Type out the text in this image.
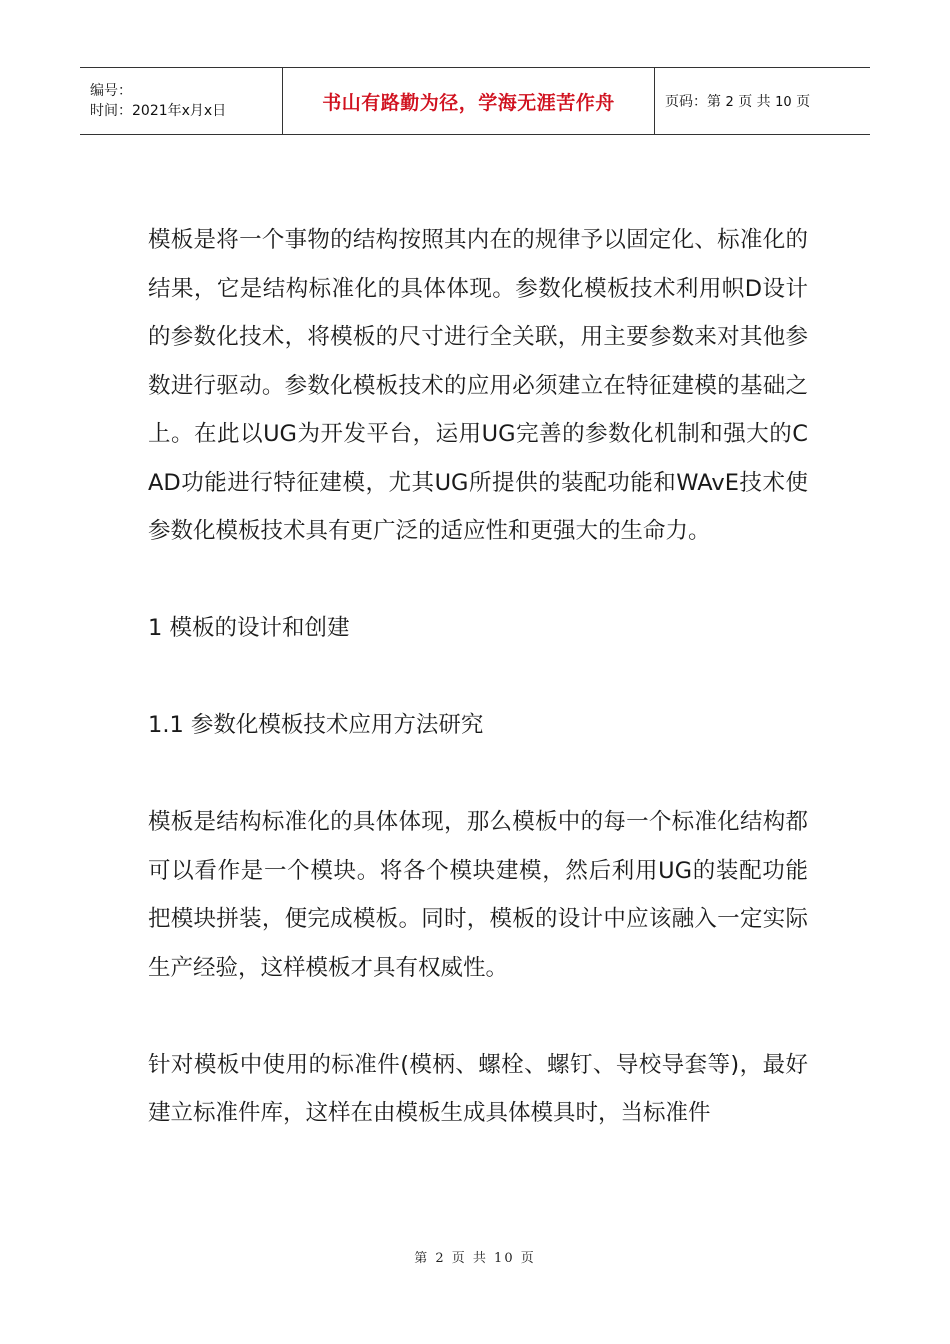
编号：
时间：2021年x月x日	书山有路勤为径，学海无涯苦作舟	页码：第 2 页 共 10 页

模板是将一个事物的结构按照其内在的规律予以固定化、标准化的结果，它是结构标准化的具体体现。参数化模板技术利用帜D设计的参数化技术，将模板的尺寸进行全关联，用主要参数来对其他参数进行驱动。参数化模板技术的应用必须建立在特征建模的基础之上。在此以UG为开发平台，运用UG完善的参数化机制和强大的CAD功能进行特征建模，尤其UG所提供的装配功能和WAvE技术使参数化模板技术具有更广泛的适应性和更强大的生命力。

1 模板的设计和创建
1.1 参数化模板技术应用方法研究

模板是结构标准化的具体体现，那么模板中的每一个标准化结构都可以看作是一个模块。将各个模块建模，然后利用UG的装配功能把模块拼装，便完成模板。同时，模板的设计中应该融入一定实际生产经验，这样模板才具有权威性。

针对模板中使用的标准件(模柄、螺栓、螺钉、导校导套等)，最好建立标准件库，这样在由模板生成具体模具时，当标准件

第 2 页 共 10 页
